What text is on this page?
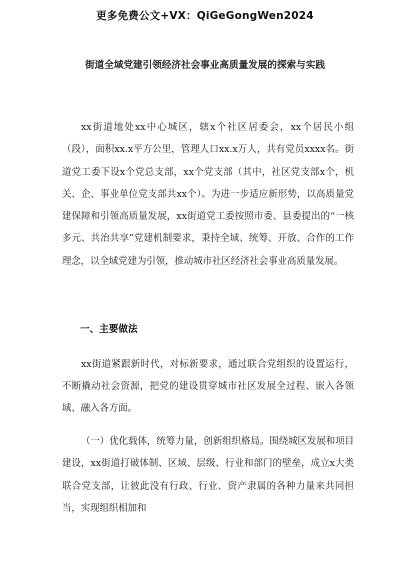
更多免费公文+VX：QiGeGongWen2024
街道全域党建引领经济社会事业高质量发展的探索与实践

xx街道地处xx中心城区，辖x个社区居委会，xx个居民小组（段），面积xx.x平方公里，管理人口xx.x万人，共有党员xxxx名。街道党工委下设x个党总支部，xx个党支部（其中，社区党支部x个，机关、企、事业单位党支部共xx个）。为进一步适应新形势，以高质量党建保障和引领高质量发展，xx街道党工委按照市委、县委提出的“一核多元、共治共享”党建机制要求，秉持全域、统筹、开放、合作的工作理念，以全域党建为引领，推动城市社区经济社会事业高质量发展。

一、主要做法

xx街道紧跟新时代，对标新要求，通过联合党组织的设置运行，不断撬动社会资源，把党的建设贯穿城市社区发展全过程、嵌入各领域、融入各方面。

（一）优化载体，统筹力量，创新组织格局。围绕城区发展和项目建设，xx街道打破体制、区域、层级、行业和部门的壁垒，成立x大类联合党支部，让彼此没有行政、行业、资产隶属的各种力量来共同担当，实现组织相加和
